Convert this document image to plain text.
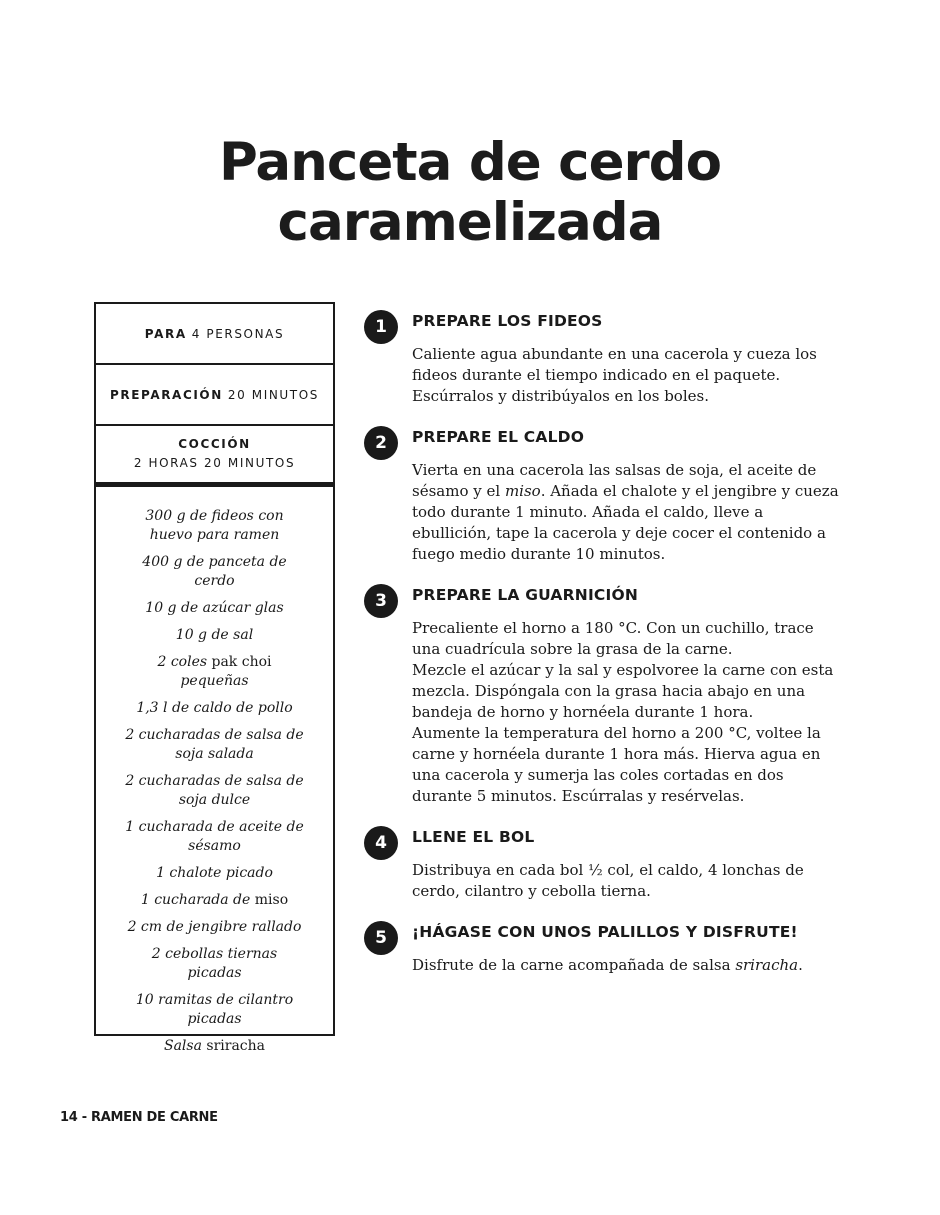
Panceta de cerdo
caramelizada
PARA 4 PERSONAS
PREPARACIÓN 20 MINUTOS
COCCIÓN
2 HORAS 20 MINUTOS
300 g de fideos con huevo para ramen
400 g de panceta de cerdo
10 g de azúcar glas
10 g de sal
2 coles pak choi pequeñas
1,3 l de caldo de pollo
2 cucharadas de salsa de soja salada
2 cucharadas de salsa de soja dulce
1 cucharada de aceite de sésamo
1 chalote picado
1 cucharada de miso
2 cm de jengibre rallado
2 cebollas tiernas picadas
10 ramitas de cilantro picadas
Salsa sriracha
1	PREPARE LOS FIDEOS

Caliente agua abundante en una cacerola y cueza los fideos durante el tiempo indicado en el paquete. Escúrralos y distribúyalos en los boles.

2	PREPARE EL CALDO

Vierta en una cacerola las salsas de soja, el aceite de sésamo y el miso. Añada el chalote y el jengibre y cueza todo durante 1 minuto. Añada el caldo, lleve a ebullición, tape la cacerola y deje cocer el contenido a fuego medio durante 10 minutos.

3	PREPARE LA GUARNICIÓN

Precaliente el horno a 180 °C. Con un cuchillo, trace una cuadrícula sobre la grasa de la carne.

Mezcle el azúcar y la sal y espolvoree la carne con esta mezcla. Dispóngala con la grasa hacia abajo en una bandeja de horno y hornéela durante 1 hora.

Aumente la temperatura del horno a 200 °C, voltee la carne y hornéela durante 1 hora más. Hierva agua en una cacerola y sumerja las coles cortadas en dos durante 5 minutos. Escúrralas y resérvelas.

4	LLENE EL BOL

Distribuya en cada bol ½ col, el caldo, 4 lonchas de cerdo, cilantro y cebolla tierna.

5	¡HÁGASE CON UNOS PALILLOS Y DISFRUTE!

Disfrute de la carne acompañada de salsa sriracha.

14 - RAMEN DE CARNE
